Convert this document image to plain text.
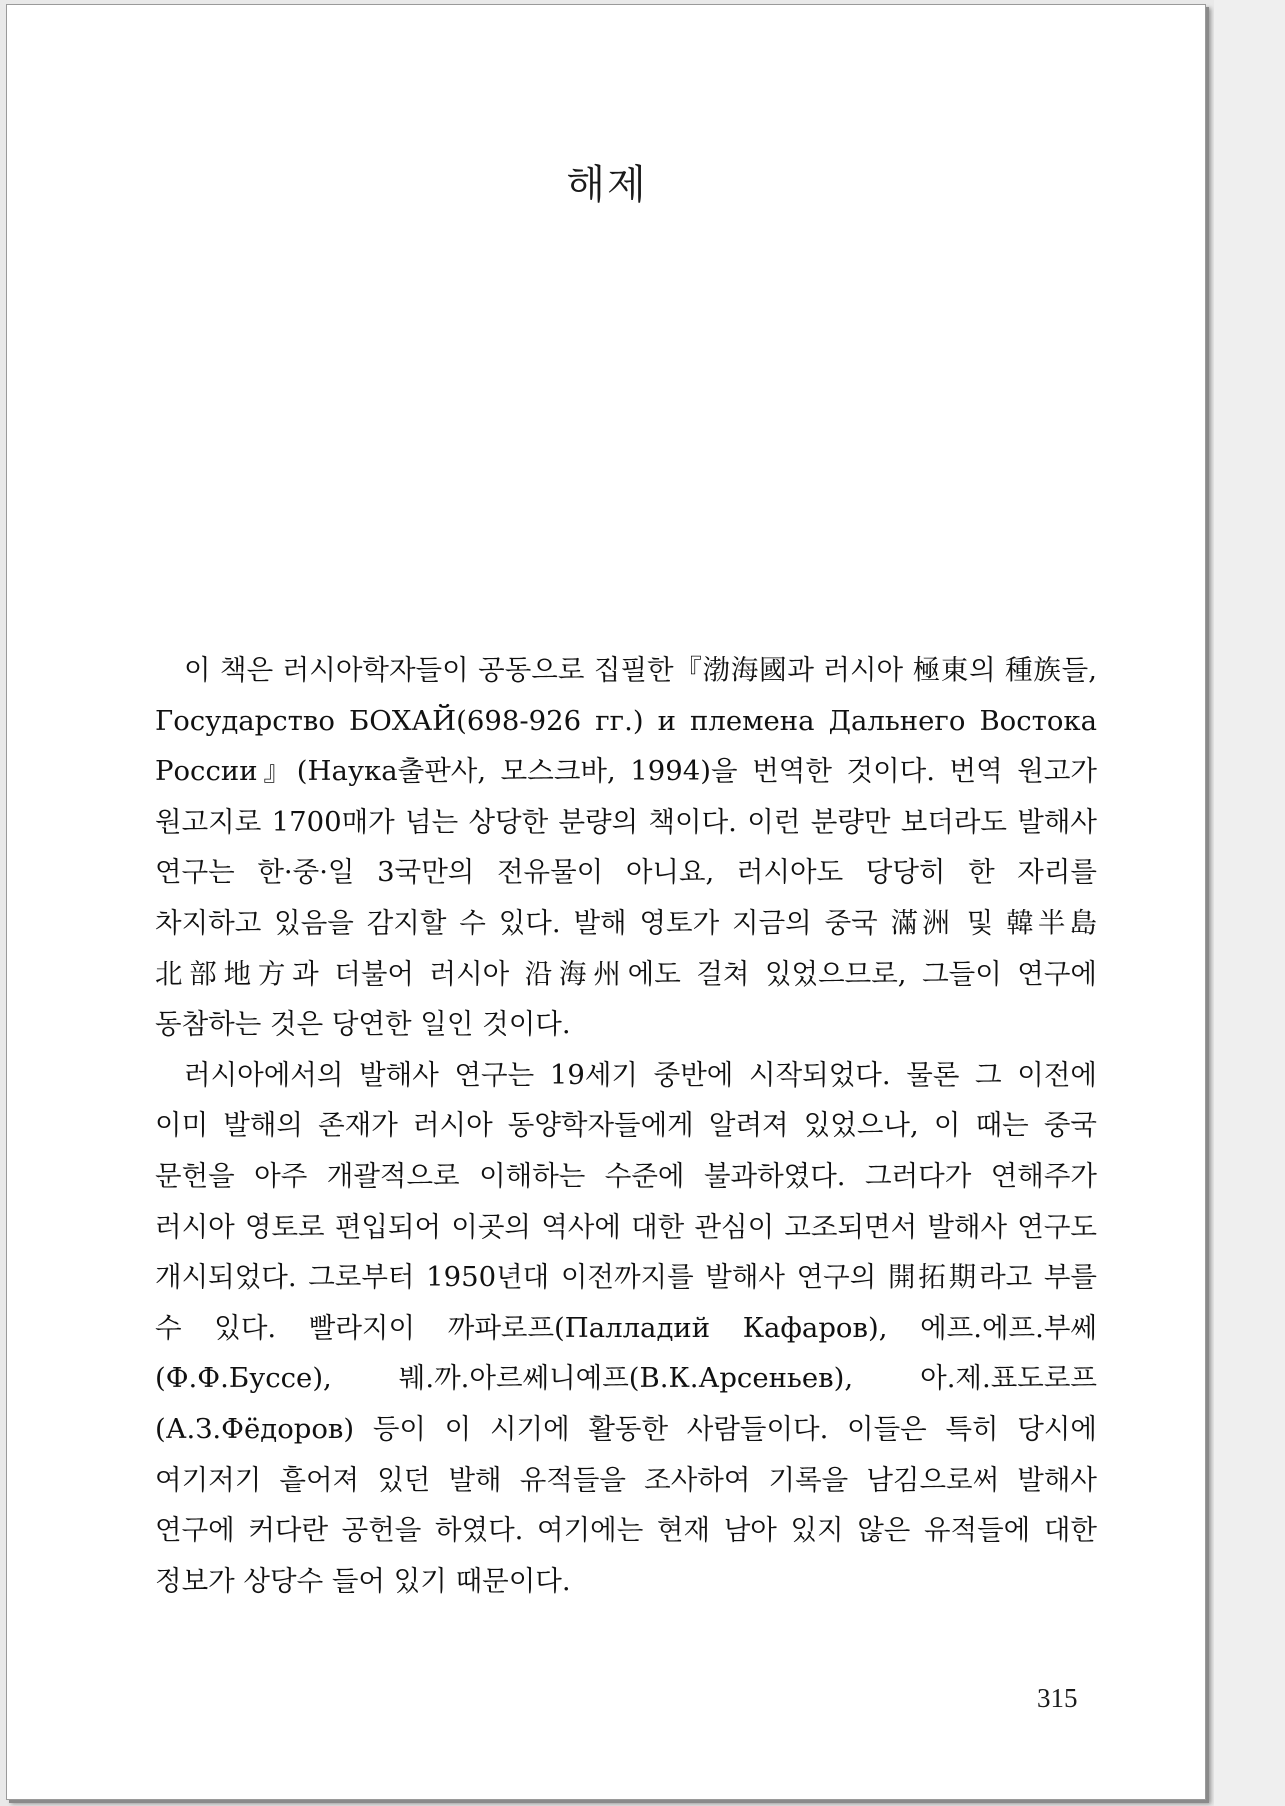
해제

이 책은 러시아학자들이 공동으로 집필한『渤海國과 러시아 極東의 種族들, Государство БОХАЙ(698-926 гг.) и племена Дальнего Востока России』(Наука출판사, 모스크바, 1994)을 번역한 것이다. 번역 원고가 원고지로 1700매가 넘는 상당한 분량의 책이다. 이런 분량만 보더라도 발해사 연구는 한·중·일 3국만의 전유물이 아니요, 러시아도 당당히 한 자리를 차지하고 있음을 감지할 수 있다. 발해 영토가 지금의 중국 滿洲 및 韓半島 北部地方과 더불어 러시아 沿海州에도 걸쳐 있었으므로, 그들이 연구에 동참하는 것은 당연한 일인 것이다.

러시아에서의 발해사 연구는 19세기 중반에 시작되었다. 물론 그 이전에 이미 발해의 존재가 러시아 동양학자들에게 알려져 있었으나, 이 때는 중국 문헌을 아주 개괄적으로 이해하는 수준에 불과하였다. 그러다가 연해주가 러시아 영토로 편입되어 이곳의 역사에 대한 관심이 고조되면서 발해사 연구도 개시되었다. 그로부터 1950년대 이전까지를 발해사 연구의 開拓期라고 부를 수 있다. 빨라지이 까파로프(Палладий Кафаров), 에프.에프.부쎄(Ф.Ф.Буссе), 붸.까.아르쎄니예프(В.К.Арсеньев), 아.제.표도로프(А.З.Фёдоров) 등이 이 시기에 활동한 사람들이다. 이들은 특히 당시에 여기저기 흩어져 있던 발해 유적들을 조사하여 기록을 남김으로써 발해사 연구에 커다란 공헌을 하였다. 여기에는 현재 남아 있지 않은 유적들에 대한 정보가 상당수 들어 있기 때문이다.

315
